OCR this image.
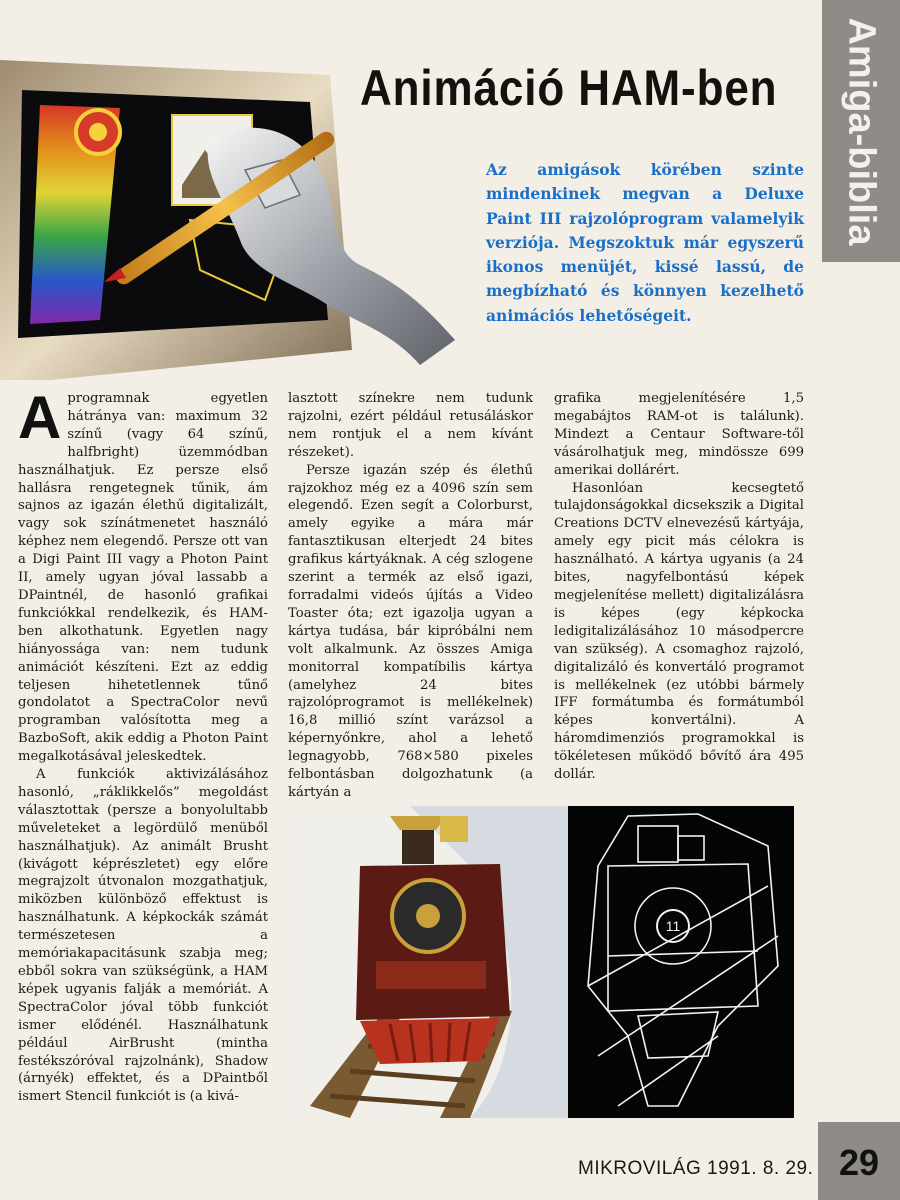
Amiga-biblia
Animáció HAM-ben
Az amigások körében szinte mindenkinek megvan a Deluxe Paint III rajzolóprogram valamelyik verziója. Megszoktuk már egyszerű ikonos menüjét, kissé lassú, de megbízható és könnyen kezelhető animációs lehetőségeit.

A programnak egyetlen hátránya van: maximum 32 színű (vagy 64 színű, halfbright) üzemmódban használhatjuk. Ez persze első hallásra rengetegnek tűnik, ám sajnos az igazán élethű digitalizált, vagy sok színátmenetet használó képhez nem elegendő. Persze ott van a Digi Paint III vagy a Photon Paint II, amely ugyan jóval lassabb a DPaintnél, de hasonló grafikai funkciókkal rendelkezik, és HAM-ben alkothatunk. Egyetlen nagy hiányossága van: nem tudunk animációt készíteni. Ezt az eddig teljesen hihetetlennek tűnő gondolatot a SpectraColor nevű programban valósította meg a BazboSoft, akik eddig a Photon Paint megalkotásával jeleskedtek.

A funkciók aktivizálásához hasonló, „ráklikkelős” megoldást választottak (persze a bonyolultabb műveleteket a legördülő menüből használhatjuk). Az animált Brusht (kivágott képrészletet) egy előre megrajzolt útvonalon mozgathatjuk, miközben különböző effektust is használhatunk. A képkockák számát természetesen a memóriakapacitásunk szabja meg; ebből sokra van szükségünk, a HAM képek ugyanis falják a memóriát. A SpectraColor jóval több funkciót ismer elődénél. Használhatunk például AirBrusht (mintha festékszóróval rajzolnánk), Shadow (árnyék) effektet, és a DPaintből ismert Stencil funkciót is (a kivá-

lasztott színekre nem tudunk rajzolni, ezért például retusáláskor nem rontjuk el a nem kívánt részeket).

Persze igazán szép és élethű rajzokhoz még ez a 4096 szín sem elegendő. Ezen segít a Colorburst, amely egyike a mára már fantasztikusan elterjedt 24 bites grafikus kártyáknak. A cég szlogene szerint a termék az első igazi, forradalmi videós újítás a Video Toaster óta; ezt igazolja ugyan a kártya tudása, bár kipróbálni nem volt alkalmunk. Az összes Amiga monitorral kompatíbilis kártya (amelyhez 24 bites rajzolóprogramot is mellékelnek) 16,8 millió színt varázsol a képernyőnkre, ahol a lehető legnagyobb, 768×580 pixeles felbontásban dolgozhatunk (a kártyán a

grafika megjelenítésére 1,5 megabájtos RAM-ot is találunk). Mindezt a Centaur Software-től vásárolhatjuk meg, mindössze 699 amerikai dollárért.

Hasonlóan kecsegtető tulajdonságokkal dicsekszik a Digital Creations DCTV elnevezésű kártyája, amely egy picit más célokra is használható. A kártya ugyanis (a 24 bites, nagyfelbontású képek megjelenítése mellett) digitalizálásra is képes (egy képkocka ledigitalizálásához 10 másodpercre van szükség). A csomaghoz rajzoló, digitalizáló és konvertáló programot is mellékelnek (ez utóbbi bármely IFF formátumba és formátumból képes konvertálni). A háromdimenziós programokkal is tökéletesen működő bővítő ára 495 dollár.

11
MIKROVILÁG 1991. 8. 29. 29
